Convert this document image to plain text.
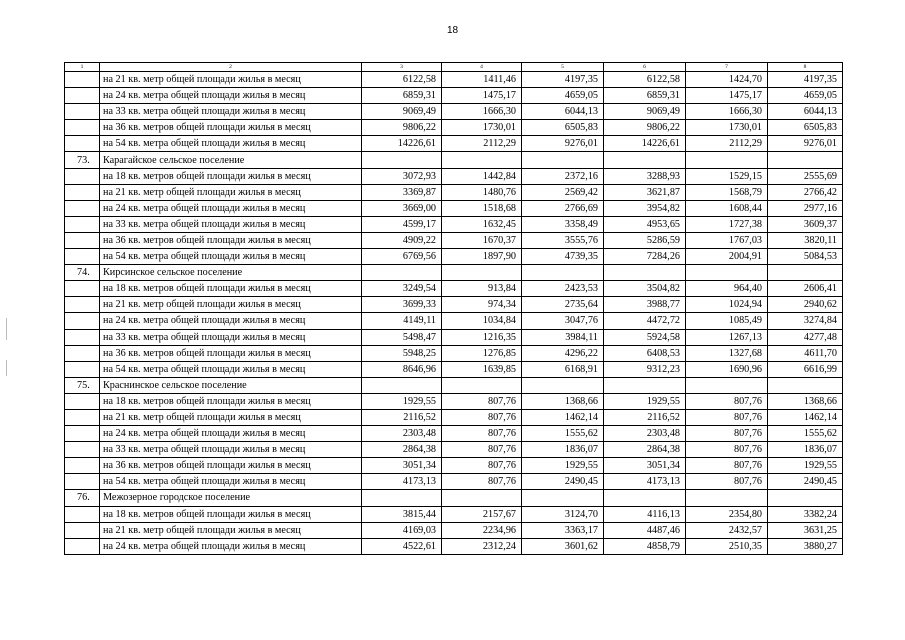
18
1	2	3	4	5	6	7	8
	на 21 кв. метр общей площади жилья в месяц	6122,58	1411,46	4197,35	6122,58	1424,70	4197,35
	на 24 кв. метра общей площади жилья в месяц	6859,31	1475,17	4659,05	6859,31	1475,17	4659,05
	на 33 кв. метра общей площади жилья в месяц	9069,49	1666,30	6044,13	9069,49	1666,30	6044,13
	на 36 кв. метров общей площади жилья в месяц	9806,22	1730,01	6505,83	9806,22	1730,01	6505,83
	на 54 кв. метра общей площади жилья в месяц	14226,61	2112,29	9276,01	14226,61	2112,29	9276,01
73.	Карагайское сельское поселение						
	на 18 кв. метров общей площади жилья в месяц	3072,93	1442,84	2372,16	3288,93	1529,15	2555,69
	на 21 кв. метр общей площади жилья в месяц	3369,87	1480,76	2569,42	3621,87	1568,79	2766,42
	на 24 кв. метра общей площади жилья в месяц	3669,00	1518,68	2766,69	3954,82	1608,44	2977,16
	на 33 кв. метра общей площади жилья в месяц	4599,17	1632,45	3358,49	4953,65	1727,38	3609,37
	на 36 кв. метров общей площади жилья в месяц	4909,22	1670,37	3555,76	5286,59	1767,03	3820,11
	на 54 кв. метра общей площади жилья в месяц	6769,56	1897,90	4739,35	7284,26	2004,91	5084,53
74.	Кирсинское сельское поселение						
	на 18 кв. метров общей площади жилья в месяц	3249,54	913,84	2423,53	3504,82	964,40	2606,41
	на 21 кв. метр общей площади жилья в месяц	3699,33	974,34	2735,64	3988,77	1024,94	2940,62
	на 24 кв. метра общей площади жилья в месяц	4149,11	1034,84	3047,76	4472,72	1085,49	3274,84
	на 33 кв. метра общей площади жилья в месяц	5498,47	1216,35	3984,11	5924,58	1267,13	4277,48
	на 36 кв. метров общей площади жилья в месяц	5948,25	1276,85	4296,22	6408,53	1327,68	4611,70
	на 54 кв. метра общей площади жилья в месяц	8646,96	1639,85	6168,91	9312,23	1690,96	6616,99
75.	Краснинское сельское поселение						
	на 18 кв. метров общей площади жилья в месяц	1929,55	807,76	1368,66	1929,55	807,76	1368,66
	на 21 кв. метр общей площади жилья в месяц	2116,52	807,76	1462,14	2116,52	807,76	1462,14
	на 24 кв. метра общей площади жилья в месяц	2303,48	807,76	1555,62	2303,48	807,76	1555,62
	на 33 кв. метра общей площади жилья в месяц	2864,38	807,76	1836,07	2864,38	807,76	1836,07
	на 36 кв. метров общей площади жилья в месяц	3051,34	807,76	1929,55	3051,34	807,76	1929,55
	на 54 кв. метра общей площади жилья в месяц	4173,13	807,76	2490,45	4173,13	807,76	2490,45
76.	Межозерное городское поселение						
	на 18 кв. метров общей площади жилья в месяц	3815,44	2157,67	3124,70	4116,13	2354,80	3382,24
	на 21 кв. метр общей площади жилья в месяц	4169,03	2234,96	3363,17	4487,46	2432,57	3631,25
	на 24 кв. метра общей площади жилья в месяц	4522,61	2312,24	3601,62	4858,79	2510,35	3880,27
